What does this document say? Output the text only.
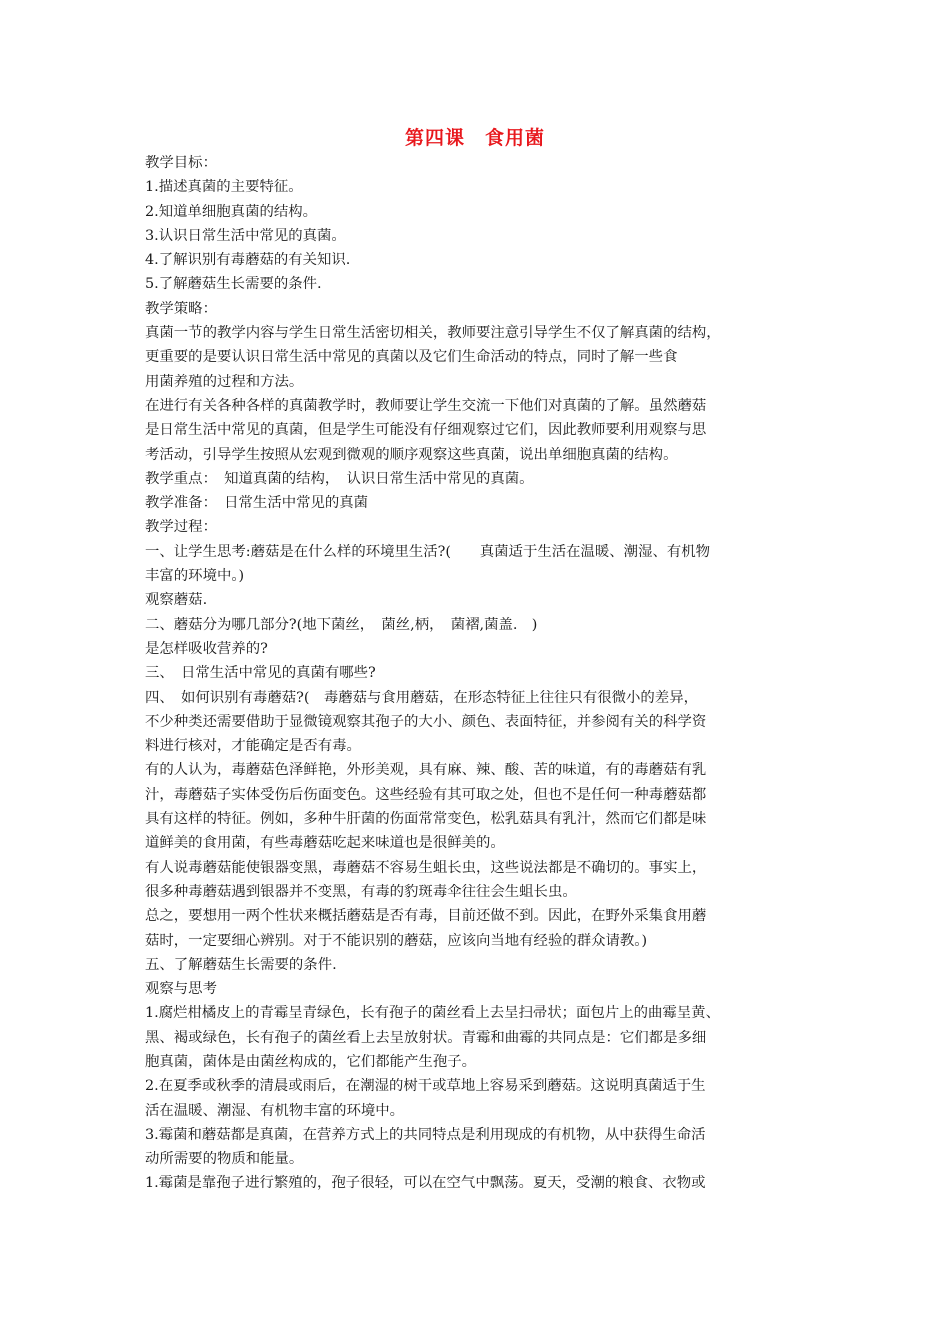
第四课　食用菌

教学目标：

1.描述真菌的主要特征。

2.知道单细胞真菌的结构。

3.认识日常生活中常见的真菌。

4.了解识别有毒蘑菇的有关知识.

5.了解蘑菇生长需要的条件.

教学策略：

真菌一节的教学内容与学生日常生活密切相关，教师要注意引导学生不仅了解真菌的结构，

更重要的是要认识日常生活中常见的真菌以及它们生命活动的特点，同时了解一些食

用菌养殖的过程和方法。

在进行有关各种各样的真菌教学时，教师要让学生交流一下他们对真菌的了解。虽然蘑菇

是日常生活中常见的真菌，但是学生可能没有仔细观察过它们，因此教师要利用观察与思

考活动，引导学生按照从宏观到微观的顺序观察这些真菌，说出单细胞真菌的结构。

教学重点：　知道真菌的结构，　认识日常生活中常见的真菌。

教学准备：　日常生活中常见的真菌

教学过程：

一、让学生思考:蘑菇是在什么样的环境里生活?(　　真菌适于生活在温暖、潮湿、有机物

丰富的环境中。)

观察蘑菇.

二、蘑菇分为哪几部分?(地下菌丝，　菌丝,柄，　菌褶,菌盖.　)

是怎样吸收营养的?

三、　日常生活中常见的真菌有哪些?

四、　如何识别有毒蘑菇?(　毒蘑菇与食用蘑菇，在形态特征上往往只有很微小的差异，

不少种类还需要借助于显微镜观察其孢子的大小、颜色、表面特征，并参阅有关的科学资

料进行核对，才能确定是否有毒。

有的人认为，毒蘑菇色泽鲜艳，外形美观，具有麻、辣、酸、苦的味道，有的毒蘑菇有乳

汁，毒蘑菇子实体受伤后伤面变色。这些经验有其可取之处，但也不是任何一种毒蘑菇都

具有这样的特征。例如，多种牛肝菌的伤面常常变色，松乳菇具有乳汁，然而它们都是味

道鲜美的食用菌，有些毒蘑菇吃起来味道也是很鲜美的。

有人说毒蘑菇能使银器变黑，毒蘑菇不容易生蛆长虫，这些说法都是不确切的。事实上，

很多种毒蘑菇遇到银器并不变黑，有毒的豹斑毒伞往往会生蛆长虫。

总之，要想用一两个性状来概括蘑菇是否有毒，目前还做不到。因此，在野外采集食用蘑

菇时，一定要细心辨别。对于不能识别的蘑菇，应该向当地有经验的群众请教。)

五、了解蘑菇生长需要的条件.

观察与思考

1.腐烂柑橘皮上的青霉呈青绿色，长有孢子的菌丝看上去呈扫帚状；面包片上的曲霉呈黄、

黑、褐或绿色，长有孢子的菌丝看上去呈放射状。青霉和曲霉的共同点是：它们都是多细

胞真菌，菌体是由菌丝构成的，它们都能产生孢子。

2.在夏季或秋季的清晨或雨后，在潮湿的树干或草地上容易采到蘑菇。这说明真菌适于生

活在温暖、潮湿、有机物丰富的环境中。

3.霉菌和蘑菇都是真菌，在营养方式上的共同特点是利用现成的有机物，从中获得生命活

动所需要的物质和能量。

1.霉菌是靠孢子进行繁殖的，孢子很轻，可以在空气中飘荡。夏天，受潮的粮食、衣物或
